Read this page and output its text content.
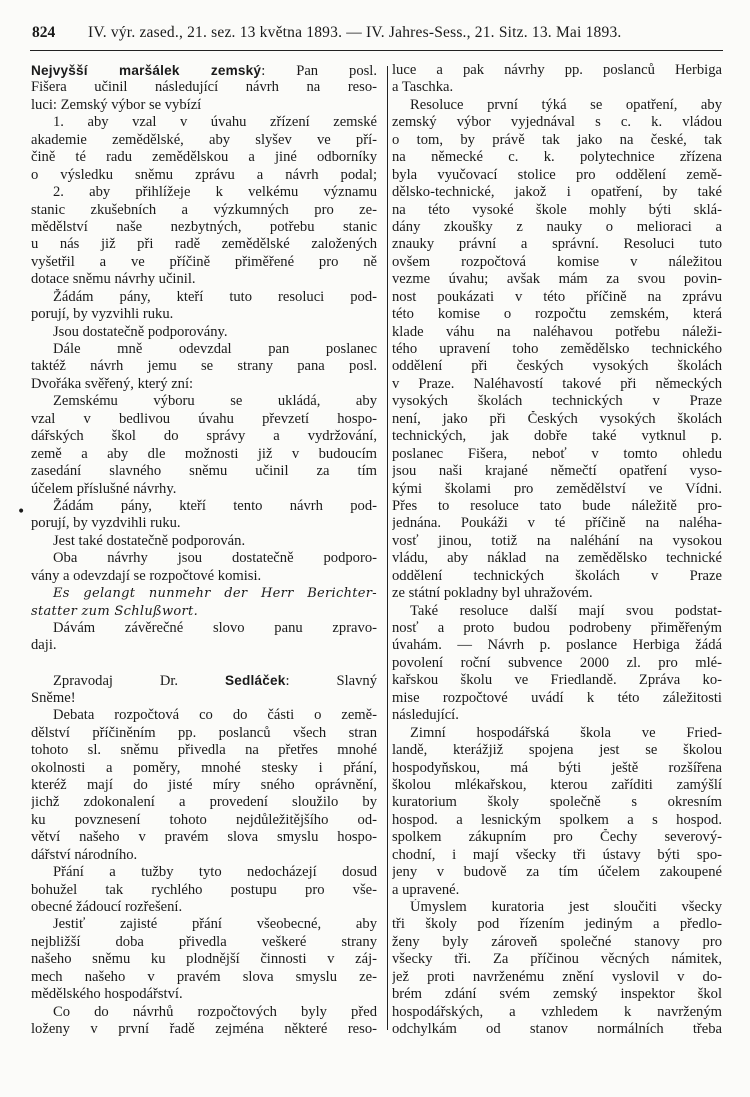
824 IV. výr. zased., 21. sez. 13 května 1893. — IV. Jahres-Sess., 21. Sitz. 13. Mai 1893.
•
Nejvyšší maršálek zemský: Pan posl.
Fišera učinil následující návrh na reso-
luci: Zemský výbor se vybízí
1. aby vzal v úvahu zřízení zemské
akademie zemědělské, aby slyšev ve pří-
čině té radu zemědělskou a jiné odborníky
o výsledku sněmu zprávu a návrh podal;
2. aby přihlížeje k velkému významu
stanic zkušebních a výzkumných pro ze-
mědělství naše nezbytných, potřebu stanic
u nás již při radě zemědělské založených
vyšetřil a ve příčině přiměřené pro ně
dotace sněmu návrhy učinil.
Žádám pány, kteří tuto resoluci pod-
porují, by vyzvihli ruku.
Jsou dostatečně podporovány.
Dále mně odevzdal pan poslanec
taktéž návrh jemu se strany pana posl.
Dvořáka svěřený, který zní:
Zemskému výboru se ukládá, aby
vzal v bedlivou úvahu převzetí hospo-
dářských škol do správy a vydržování,
země a aby dle možnosti již v budoucím
zasedání slavného sněmu učinil za tím
účelem příslušné návrhy.
Žádám pány, kteří tento návrh pod-
porují, by vyzdvihli ruku.
Jest také dostatečně podporován.
Oba návrhy jsou dostatečně podporo-
vány a odevzdají se rozpočtové komisi.
Es gelangt nunmehr der Herr Berichter-
statter zum Schlußwort.
Dávám závěrečné slovo panu zpravo-
daji.
Zpravodaj Dr. Sedláček: Slavný
Sněme!
Debata rozpočtová co do části o země-
dělství příčiněním pp. poslanců všech stran
tohoto sl. sněmu přivedla na přetřes mnohé
okolnosti a poměry, mnohé stesky i přání,
kteréž mají do jisté míry sného oprávnění,
jichž zdokonalení a provedení sloužilo by
ku povznesení tohoto nejdůležitějšího od-
větví našeho v pravém slova smyslu hospo-
dářství národního.
Přání a tužby tyto nedocházejí dosud
bohužel tak rychlého postupu pro vše-
obecné žádoucí rozřešení.
Jestiť zajisté přání všeobecné, aby
nejbližší doba přivedla veškeré strany
našeho sněmu ku plodnější činnosti v záj-
mech našeho v pravém slova smyslu ze-
mědělského hospodářství.
Co do návrhů rozpočtových byly před
loženy v první řadě zejména některé reso-
luce a pak návrhy pp. poslanců Herbiga
a Taschka.
Resoluce první týká se opatření, aby
zemský výbor vyjednával s c. k. vládou
o tom, by právě tak jako na české, tak
na německé c. k. polytechnice zřízena
byla vyučovací stolice pro oddělení země-
dělsko-technické, jakož i opatření, by také
na této vysoké škole mohly býti sklá-
dány zkoušky z nauky o melioraci a
znauky právní a správní. Resoluci tuto
ovšem rozpočtová komise v náležitou
vezme úvahu; avšak mám za svou povin-
nost poukázati v této příčině na zprávu
této komise o rozpočtu zemském, která
klade váhu na naléhavou potřebu náleži-
tého upravení toho zemědělsko technického
oddělení při českých vysokých školách
v Praze. Naléhavostí takové při německých
vysokých školách technických v Praze
není, jako při Českých vysokých školách
technických, jak dobře také vytknul p.
poslanec Fišera, neboť v tomto ohledu
jsou naši krajané němečtí opatření vyso-
kými školami pro zemědělství ve Vídni.
Přes to resoluce tato bude náležitě pro-
jednána. Poukáži v té příčině na naléha-
vosť jinou, totiž na naléhání na vysokou
vládu, aby náklad na zemědělsko technické
oddělení technických školách v Praze
ze státní pokladny byl uhražovém.
Také resoluce další mají svou podstat-
nosť a proto budou podrobeny přiměřeným
úvahám. — Návrh p. poslance Herbiga žádá
povolení roční subvence 2000 zl. pro mlé-
kařskou školu ve Friedlandě. Zpráva ko-
mise rozpočtové uvádí k této záležitosti
následující.
Zimní hospodářská škola ve Fried-
landě, kterážjiž spojena jest se školou
hospodyňskou, má býti ještě rozšířena
školou mlékařskou, kterou zaříditi zamýšlí
kuratorium školy společně s okresním
hospod. a lesnickým spolkem a s hospod.
spolkem zákupním pro Čechy severový-
chodní, i mají všecky tři ústavy býti spo-
jeny v budově za tím účelem zakoupené
a upravené.
Úmyslem kuratoria jest sloučiti všecky
tři školy pod řízením jediným a předlo-
ženy byly zároveň společné stanovy pro
všecky tři. Za příčinou věcných námitek,
jež proti navrženému znění vyslovil v do-
brém zdání svém zemský inspektor škol
hospodářských, a vzhledem k navrženým
odchylkám od stanov normálních třeba
